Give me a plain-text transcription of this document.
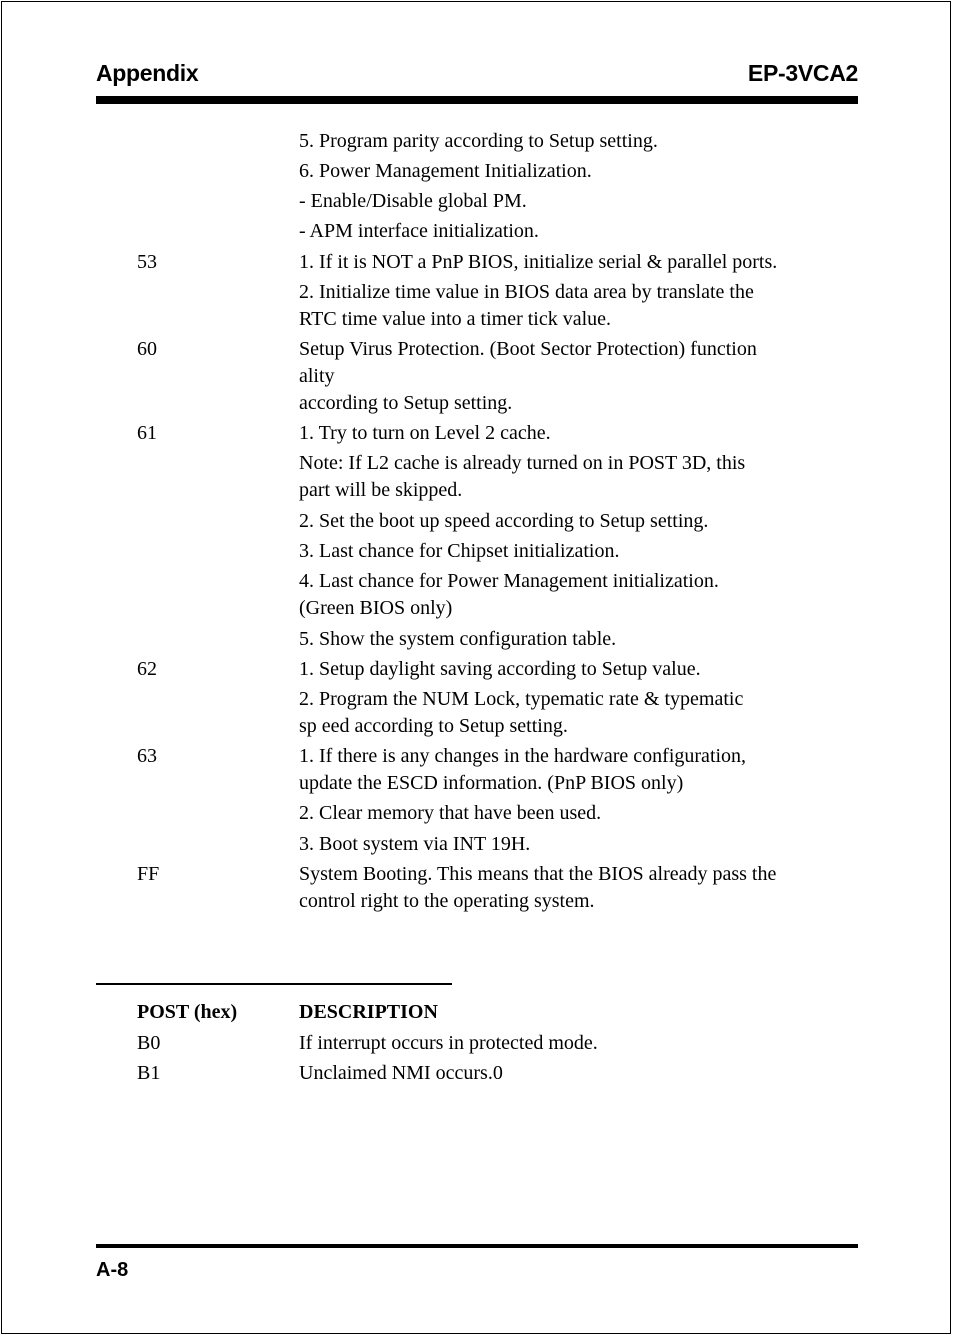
Appendix	EP-3VCA2
5. Program parity according to Setup setting.
6. Power Management Initialization.
- Enable/Disable global PM.
- APM interface initialization.
53	1. If it is NOT a PnP BIOS, initialize serial & parallel ports.
2. Initialize time value in BIOS data area by translate the
RTC time value into a timer tick value.
60	Setup Virus Protection. (Boot Sector Protection) function
ality
according to Setup setting.
61	1. Try to turn on Level 2 cache.
Note: If L2 cache is already turned on in POST 3D, this
part will be skipped.
2. Set the boot up speed according to Setup setting.
3. Last chance for Chipset initialization.
4. Last chance for Power Management initialization.
(Green BIOS only)
5. Show the system configuration table.
62	1. Setup daylight saving according to Setup value.
2. Program the NUM Lock, typematic rate & typematic
sp eed according to Setup setting.
63	1. If there is any changes in the hardware configuration,
update the ESCD information. (PnP BIOS only)
2. Clear memory that have been used.
3. Boot system via INT 19H.
FF	System Booting. This means that the BIOS already pass the
control right to the operating system.
POST (hex)	DESCRIPTION
B0	If interrupt occurs in protected mode.
B1	Unclaimed NMI occurs.0
A-8
